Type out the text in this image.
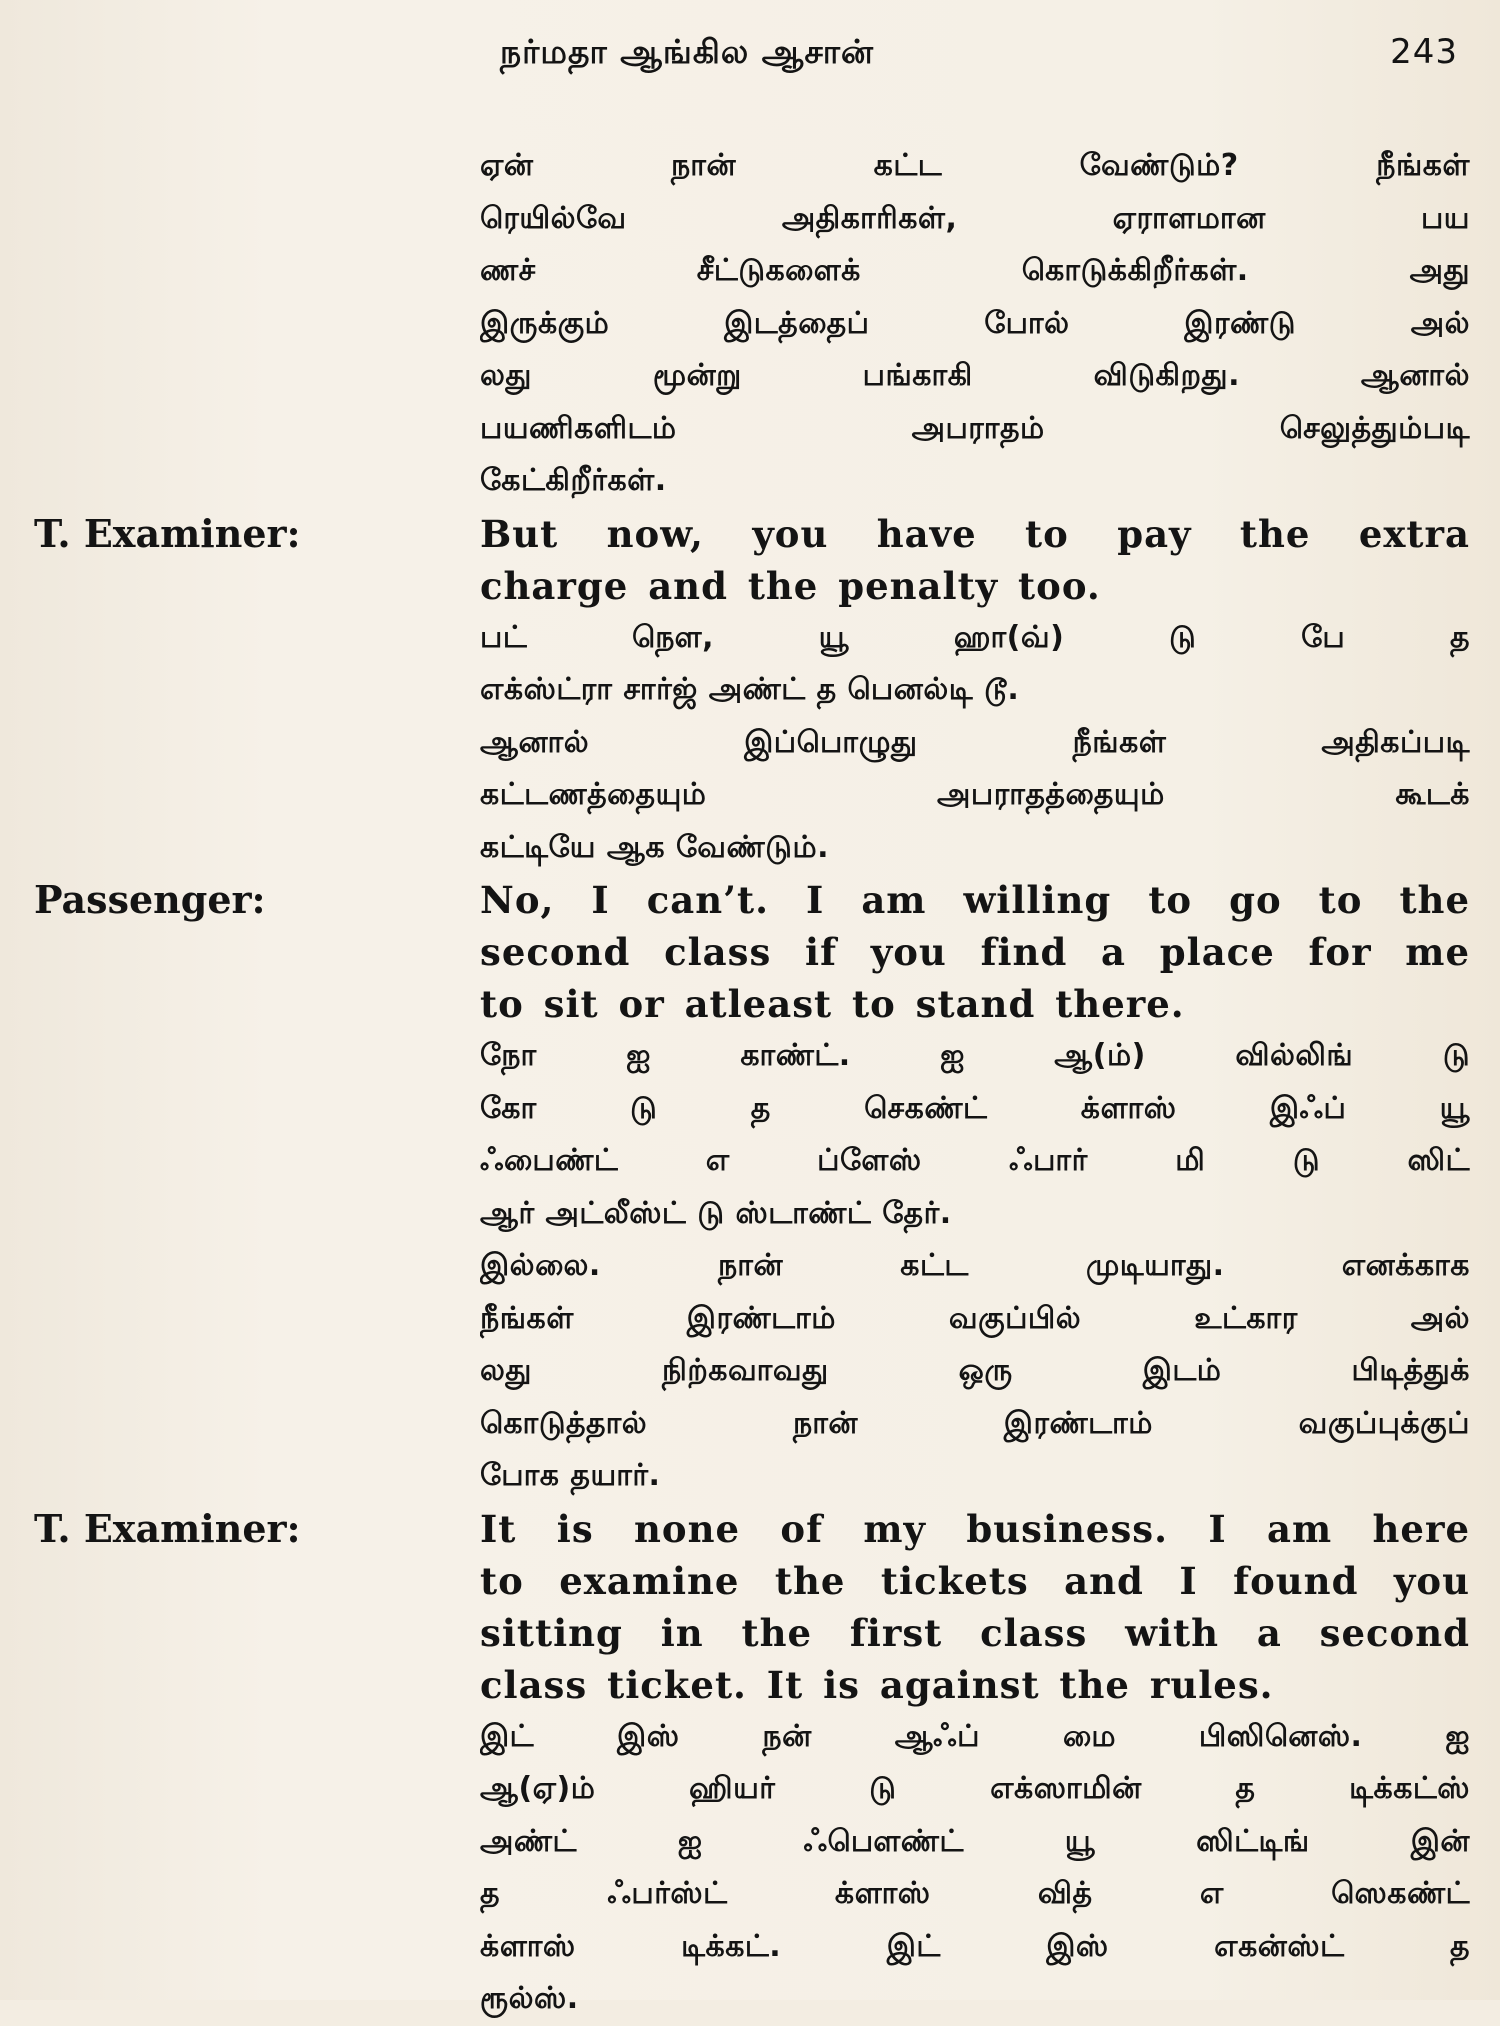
நர்மதா ஆங்கில ஆசான்	243
ஏன் நான் கட்ட வேண்டும்? நீங்கள்
ரெயில்வே அதிகாரிகள், ஏராளமான பய
ணச் சீட்டுகளைக் கொடுக்கிறீர்கள். அது
இருக்கும் இடத்தைப் போல் இரண்டு அல்
லது மூன்று பங்காகி விடுகிறது. ஆனால்
பயணிகளிடம் அபராதம் செலுத்தும்படி
கேட்கிறீர்கள்.
T. Examiner:	But now, you have to pay the extra
charge and the penalty too.
பட் நௌ, யூ ஹா(வ்) டு பே த
எக்ஸ்ட்ரா சார்ஜ் அண்ட் த பெனல்டி டூ.
ஆனால் இப்பொழுது நீங்கள் அதிகப்படி
கட்டணத்தையும் அபராதத்தையும் கூடக்
கட்டியே ஆக வேண்டும்.
Passenger:	No, I can’t. I am willing to go to the
second class if you find a place for me
to sit or atleast to stand there.
நோ ஐ காண்ட். ஐ ஆ(ம்) வில்லிங் டு
கோ டு த செகண்ட் க்ளாஸ் இஃப் யூ
ஃபைண்ட் எ ப்ளேஸ் ஃபார் மி டு ஸிட்
ஆர் அட்லீஸ்ட் டு ஸ்டாண்ட் தேர்.
இல்லை. நான் கட்ட முடியாது. எனக்காக
நீங்கள் இரண்டாம் வகுப்பில் உட்கார அல்
லது நிற்கவாவது ஒரு இடம் பிடித்துக்
கொடுத்தால் நான் இரண்டாம் வகுப்புக்குப்
போக தயார்.
T. Examiner:	It is none of my business. I am here
to examine the tickets and I found you
sitting in the first class with a second
class ticket. It is against the rules.
இட் இஸ் நன் ஆஃப் மை பிஸினெஸ். ஐ
ஆ(ஏ)ம் ஹியர் டு எக்ஸாமின் த டிக்கட்ஸ்
அண்ட் ஐ ஃபௌண்ட் யூ ஸிட்டிங் இன்
த ஃபர்ஸ்ட் க்ளாஸ் வித் எ ஸெகண்ட்
க்ளாஸ் டிக்கட். இட் இஸ் எகன்ஸ்ட் த
ரூல்ஸ்.
